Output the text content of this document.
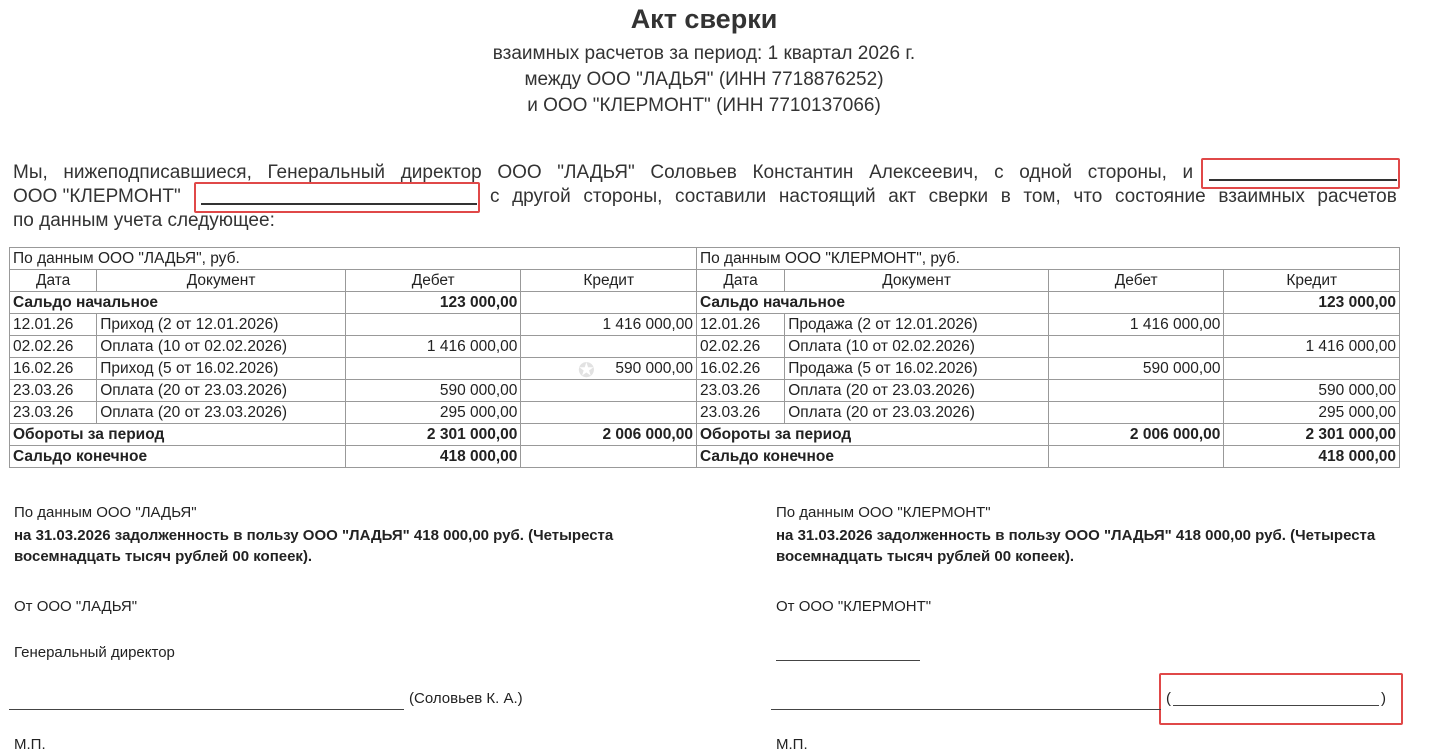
Акт сверки
взаимных расчетов за период: 1 квартал 2026 г.
между ООО "ЛАДЬЯ" (ИНН 7718876252)
и ООО "КЛЕРМОНТ" (ИНН 7710137066)
Мы, нижеподписавшиеся, Генеральный директор ООО "ЛАДЬЯ" Соловьев Константин Алексеевич, с одной стороны, и
ООО "КЛЕРМОНТ"	с другой стороны, составили настоящий акт сверки в том, что состояние взаимных расчетов
по данным учета следующее:
✪
По данным ООО "ЛАДЬЯ", руб.				По данным ООО "КЛЕРМОНТ", руб.			
Дата	Документ	Дебет	Кредит	Дата	Документ	Дебет	Кредит
Сальдо начальное		123 000,00		Сальдо начальное			123 000,00
12.01.26	Приход (2 от 12.01.2026)		1 416 000,00	12.01.26	Продажа (2 от 12.01.2026)	1 416 000,00	
02.02.26	Оплата (10 от 02.02.2026)	1 416 000,00		02.02.26	Оплата (10 от 02.02.2026)		1 416 000,00
16.02.26	Приход (5 от 16.02.2026)		590 000,00	16.02.26	Продажа (5 от 16.02.2026)	590 000,00	
23.03.26	Оплата (20 от 23.03.2026)	590 000,00		23.03.26	Оплата (20 от 23.03.2026)		590 000,00
23.03.26	Оплата (20 от 23.03.2026)	295 000,00		23.03.26	Оплата (20 от 23.03.2026)		295 000,00
Обороты за период		2 301 000,00	2 006 000,00	Обороты за период		2 006 000,00	2 301 000,00
Сальдо конечное		418 000,00		Сальдо конечное			418 000,00
По данным ООО "ЛАДЬЯ"
на 31.03.2026 задолженность в пользу ООО "ЛАДЬЯ" 418 000,00 руб. (Четыреста
восемнадцать тысяч рублей 00 копеек).
От ООО "ЛАДЬЯ"
Генеральный директор
(Соловьев К. А.)
М.П.
По данным ООО "КЛЕРМОНТ"
на 31.03.2026 задолженность в пользу ООО "ЛАДЬЯ" 418 000,00 руб. (Четыреста
восемнадцать тысяч рублей 00 копеек).
От ООО "КЛЕРМОНТ"
(	)
М.П.
